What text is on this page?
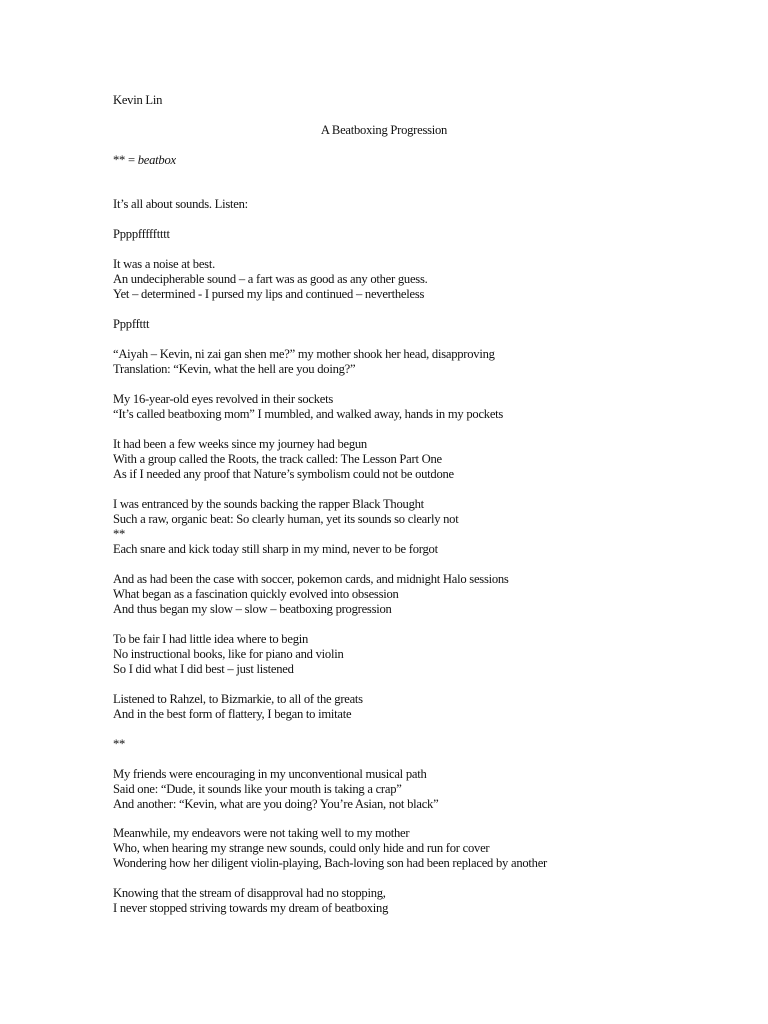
Kevin Lin
A Beatboxing Progression
** = beatbox
It’s all about sounds. Listen:
Ppppffffftttt
It was a noise at best.
An undecipherable sound – a fart was as good as any other guess.
Yet – determined - I pursed my lips and continued – nevertheless
Pppffttt
“Aiyah – Kevin, ni zai gan shen me?” my mother shook her head, disapproving
Translation: “Kevin, what the hell are you doing?”
My 16-year-old eyes revolved in their sockets
“It’s called beatboxing mom” I mumbled, and walked away, hands in my pockets
It had been a few weeks since my journey had begun
With a group called the Roots, the track called: The Lesson Part One
As if I needed any proof that Nature’s symbolism could not be outdone
I was entranced by the sounds backing the rapper Black Thought
Such a raw, organic beat: So clearly human, yet its sounds so clearly not
**
Each snare and kick today still sharp in my mind, never to be forgot
And as had been the case with soccer, pokemon cards, and midnight Halo sessions
What began as a fascination quickly evolved into obsession
And thus began my slow – slow – beatboxing progression
To be fair I had little idea where to begin
No instructional books, like for piano and violin
So I did what I did best – just listened
Listened to Rahzel, to Bizmarkie, to all of the greats
And in the best form of flattery, I began to imitate
**
My friends were encouraging in my unconventional musical path
Said one: “Dude, it sounds like your mouth is taking a crap”
And another: “Kevin, what are you doing? You’re Asian, not black”
Meanwhile, my endeavors were not taking well to my mother
Who, when hearing my strange new sounds, could only hide and run for cover
Wondering how her diligent violin-playing, Bach-loving son had been replaced by another
Knowing that the stream of disapproval had no stopping,
I never stopped striving towards my dream of beatboxing
